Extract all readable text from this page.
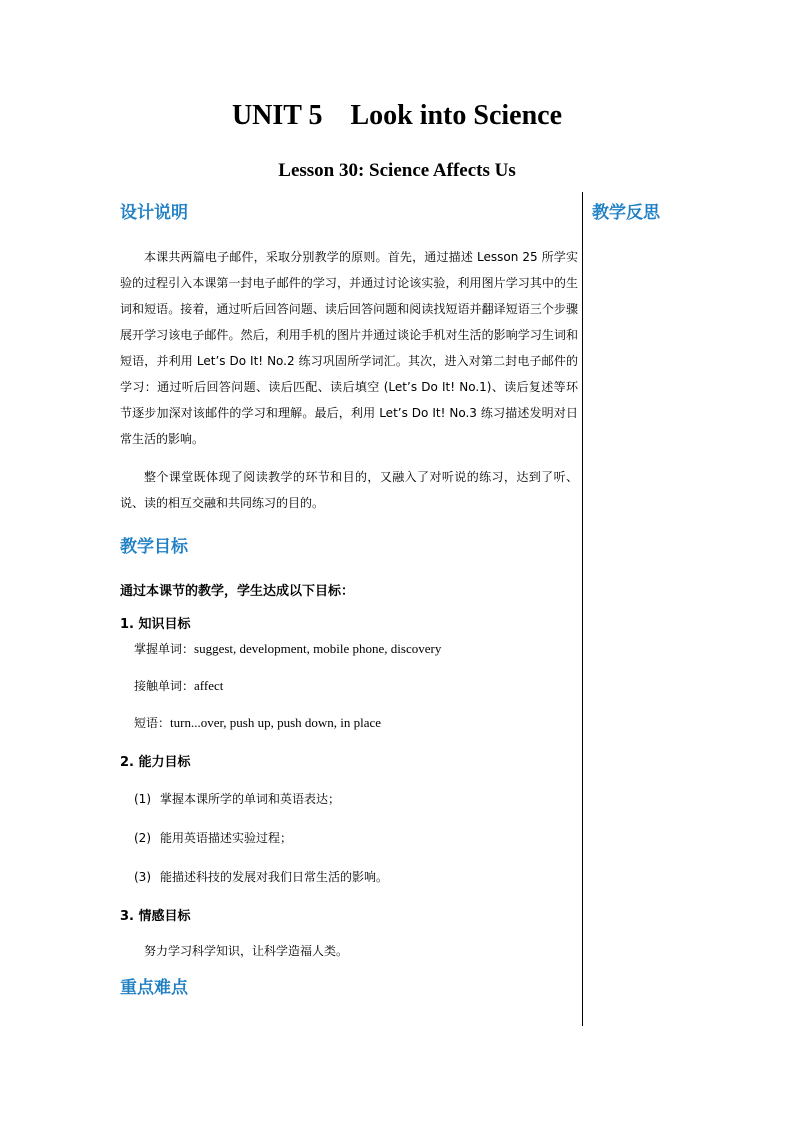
UNIT 5    Look into Science
Lesson 30: Science Affects Us
设计说明

本课共两篇电子邮件，采取分别教学的原则。首先，通过描述 Lesson 25 所学实验的过程引入本课第一封电子邮件的学习，并通过讨论该实验，利用图片学习其中的生词和短语。接着，通过听后回答问题、读后回答问题和阅读找短语并翻译短语三个步骤展开学习该电子邮件。然后，利用手机的图片并通过谈论手机对生活的影响学习生词和短语，并利用 Let’s Do It! No.2 练习巩固所学词汇。其次，进入对第二封电子邮件的学习：通过听后回答问题、读后匹配、读后填空 (Let’s Do It! No.1)、读后复述等环节逐步加深对该邮件的学习和理解。最后，利用 Let’s Do It! No.3 练习描述发明对日常生活的影响。

整个课堂既体现了阅读教学的环节和目的，又融入了对听说的练习，达到了听、说、读的相互交融和共同练习的目的。

教学目标

通过本课节的教学，学生达成以下目标：

1. 知识目标

掌握单词：suggest, development, mobile phone, discovery

接触单词：affect

短语：turn...over, push up, push down, in place

2. 能力目标

(1) 掌握本课所学的单词和英语表达；

(2) 能用英语描述实验过程；

(3) 能描述科技的发展对我们日常生活的影响。

3. 情感目标

努力学习科学知识，让科学造福人类。

重点难点
教学反思
